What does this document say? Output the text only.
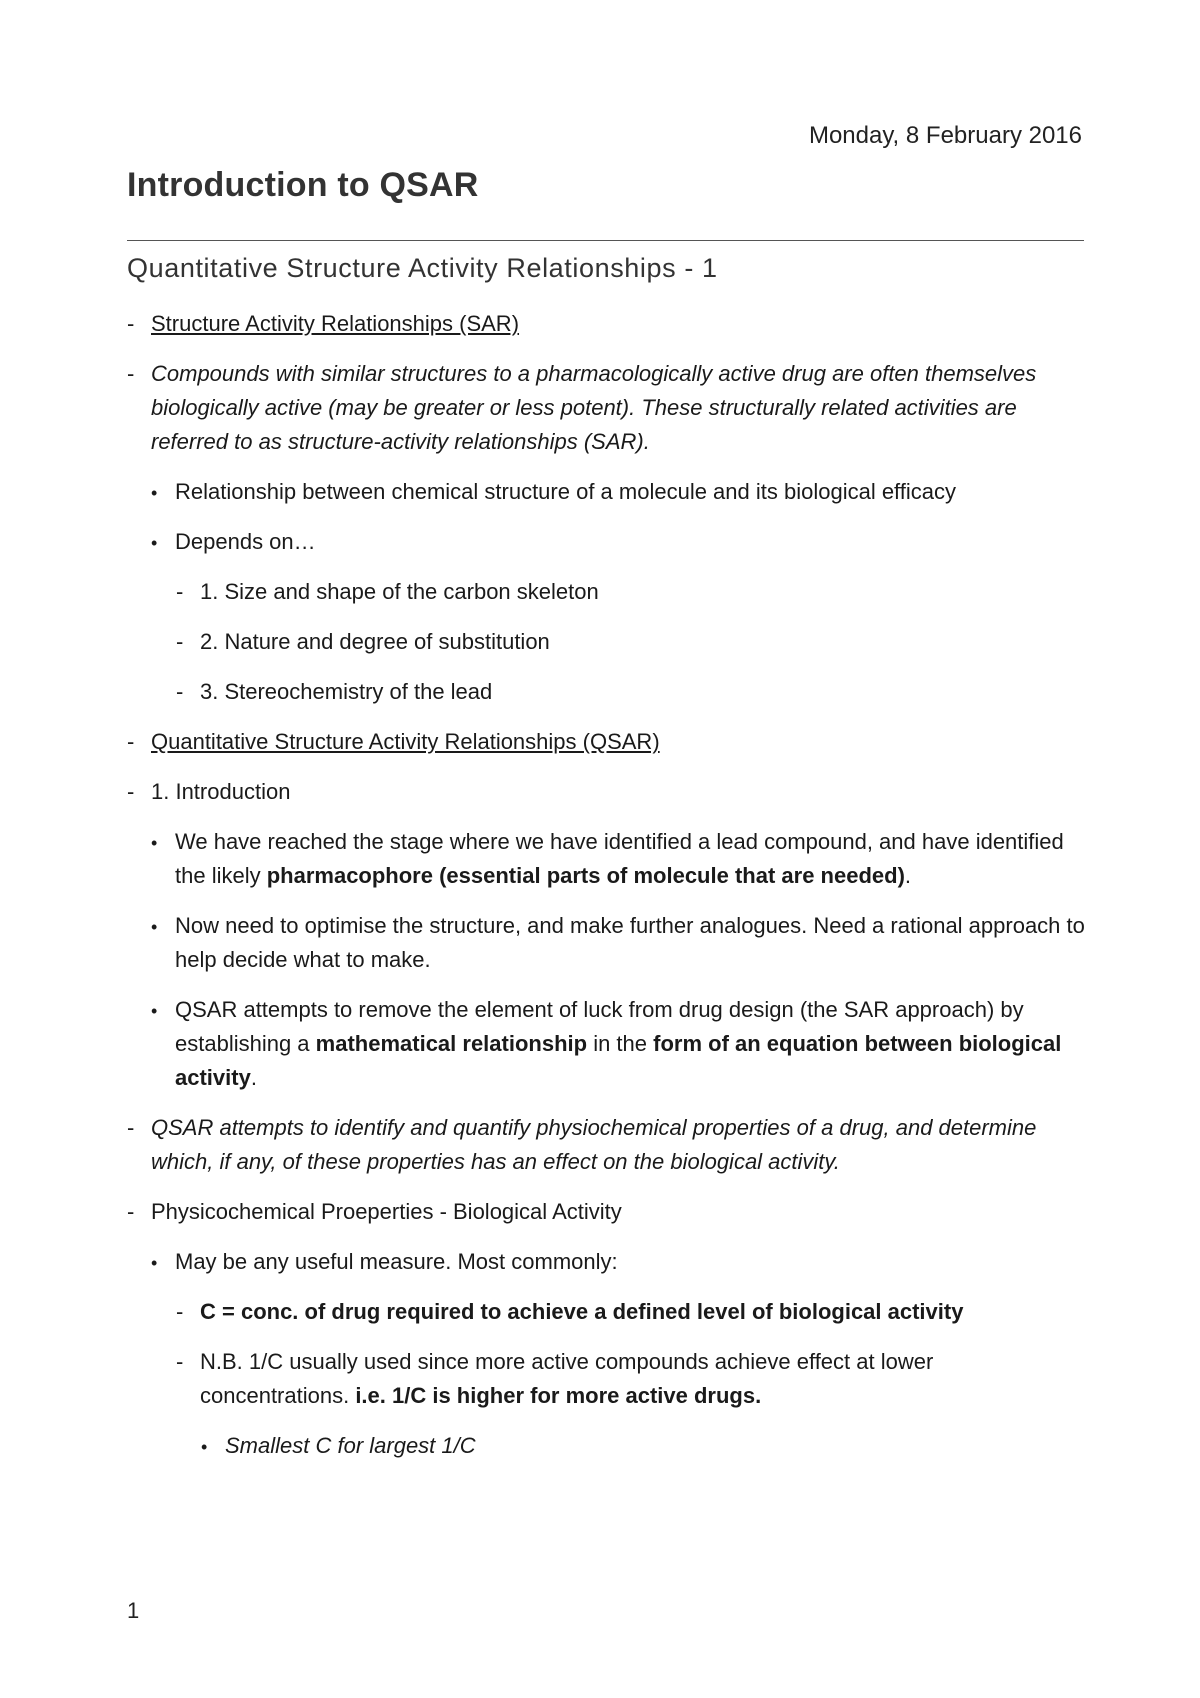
Monday, 8 February 2016
Introduction to QSAR
Quantitative Structure Activity Relationships - 1
-
Structure Activity Relationships (SAR)
-
Compounds with similar structures to a pharmacologically active drug are often themselves biologically active (may be greater or less potent). These structurally related activities are referred to as structure-activity relationships (SAR).
•
Relationship between chemical structure of a molecule and its biological efficacy
•
Depends on…
-
1. Size and shape of the carbon skeleton
-
2. Nature and degree of substitution
-
3. Stereochemistry of the lead
-
Quantitative Structure Activity Relationships (QSAR)
-
1. Introduction
•
We have reached the stage where we have identified a lead compound, and have identified the likely pharmacophore (essential parts of molecule that are needed).
•
Now need to optimise the structure, and make further analogues. Need a rational approach to help decide what to make.
•
QSAR attempts to remove the element of luck from drug design (the SAR approach) by establishing a mathematical relationship in the form of an equation between biological activity.
-
QSAR attempts to identify and quantify physiochemical properties of a drug, and determine which, if any, of these properties has an effect on the biological activity.
-
Physicochemical Proeperties - Biological Activity
•
May be any useful measure. Most commonly:
-
C = conc. of drug required to achieve a defined level of biological activity
-
N.B. 1/C usually used since more active compounds achieve effect at lower concentrations. i.e. 1/C is higher for more active drugs.
•
Smallest C for largest 1/C
1
